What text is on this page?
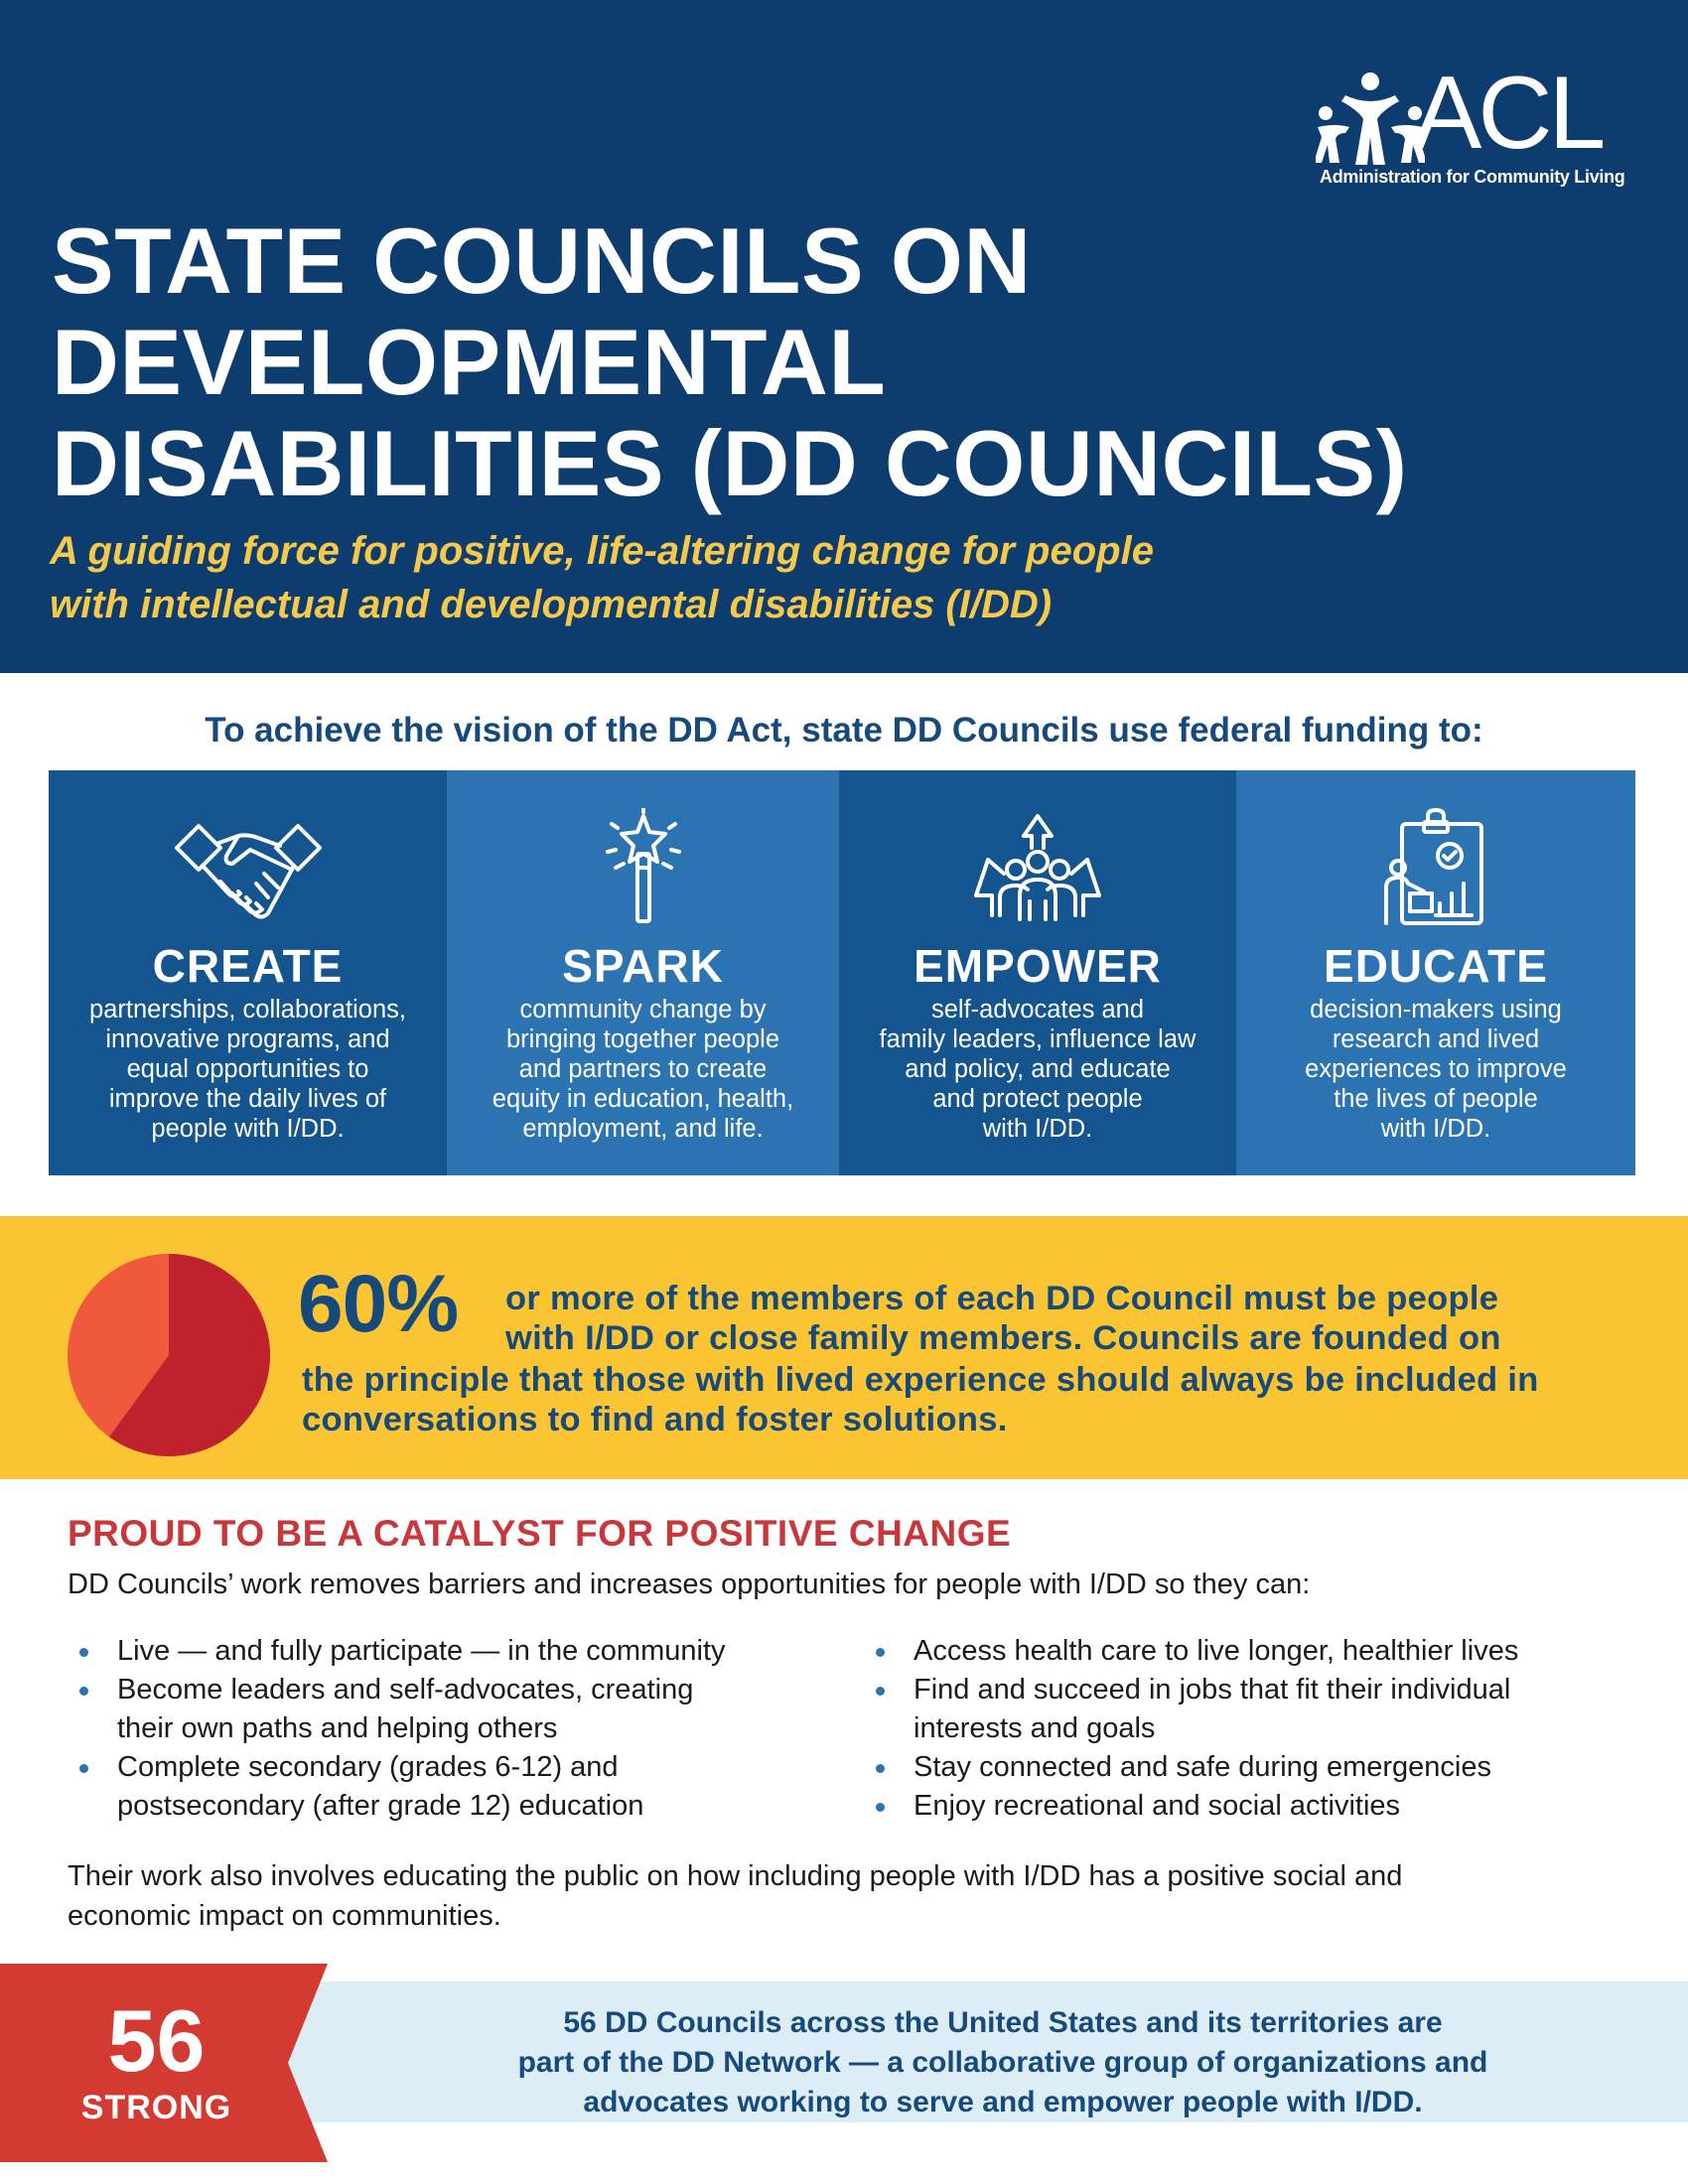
ACL
Administration for Community Living
STATE COUNCILS ON
DEVELOPMENTAL
DISABILITIES (DD COUNCILS)
A guiding force for positive, life-altering change for people
with intellectual and developmental disabilities (I/DD)
To achieve the vision of the DD Act, state DD Councils use federal funding to:
CREATE
partnerships, collaborations,
innovative programs, and
equal opportunities to
improve the daily lives of
people with I/DD.
SPARK
community change by
bringing together people
and partners to create
equity in education, health,
employment, and life.
EMPOWER
self-advocates and
family leaders, influence law
and policy, and educate
and protect people
with I/DD.
EDUCATE
decision-makers using
research and lived
experiences to improve
the lives of people
with I/DD.
60% or more of the members of each DD Council must be people
with I/DD or close family members. Councils are founded on
the principle that those with lived experience should always be included in
conversations to find and foster solutions.
PROUD TO BE A CATALYST FOR POSITIVE CHANGE
DD Councils’ work removes barriers and increases opportunities for people with I/DD so they can:
Live — and fully participate — in the community
Become leaders and self-advocates, creating
their own paths and helping others
Complete secondary (grades 6-12) and
postsecondary (after grade 12) education
Access health care to live longer, healthier lives
Find and succeed in jobs that fit their individual
interests and goals
Stay connected and safe during emergencies
Enjoy recreational and social activities
Their work also involves educating the public on how including people with I/DD has a positive social and
economic impact on communities.
56
STRONG
56 DD Councils across the United States and its territories are
part of the DD Network — a collaborative group of organizations and
advocates working to serve and empower people with I/DD.
